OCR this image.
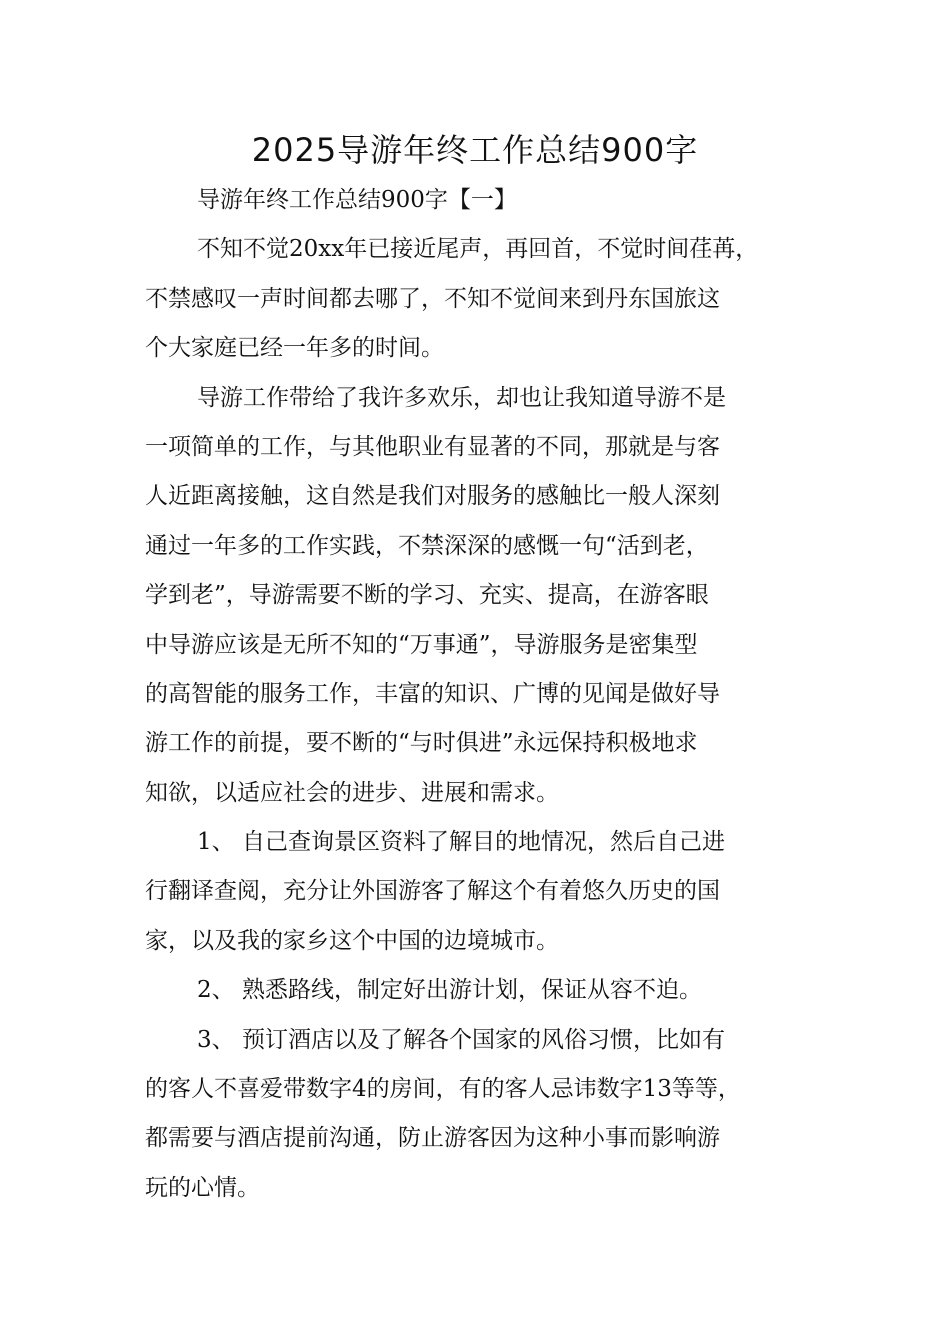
2025导游年终工作总结900字
导游年终工作总结900字【一】
不知不觉20xx年已接近尾声，再回首，不觉时间荏苒，
不禁感叹一声时间都去哪了，不知不觉间来到丹东国旅这
个大家庭已经一年多的时间。
导游工作带给了我许多欢乐，却也让我知道导游不是
一项简单的工作，与其他职业有显著的不同，那就是与客
人近距离接触，这自然是我们对服务的感触比一般人深刻
通过一年多的工作实践，不禁深深的感慨一句“活到老，
学到老”，导游需要不断的学习、充实、提高，在游客眼
中导游应该是无所不知的“万事通”，导游服务是密集型
的高智能的服务工作，丰富的知识、广博的见闻是做好导
游工作的前提，要不断的“与时俱进”永远保持积极地求
知欲，以适应社会的进步、进展和需求。
1、 自己查询景区资料了解目的地情况，然后自己进
行翻译查阅，充分让外国游客了解这个有着悠久历史的国
家，以及我的家乡这个中国的边境城市。
2、 熟悉路线，制定好出游计划，保证从容不迫。
3、 预订酒店以及了解各个国家的风俗习惯，比如有
的客人不喜爱带数字4的房间，有的客人忌讳数字13等等，
都需要与酒店提前沟通，防止游客因为这种小事而影响游
玩的心情。
